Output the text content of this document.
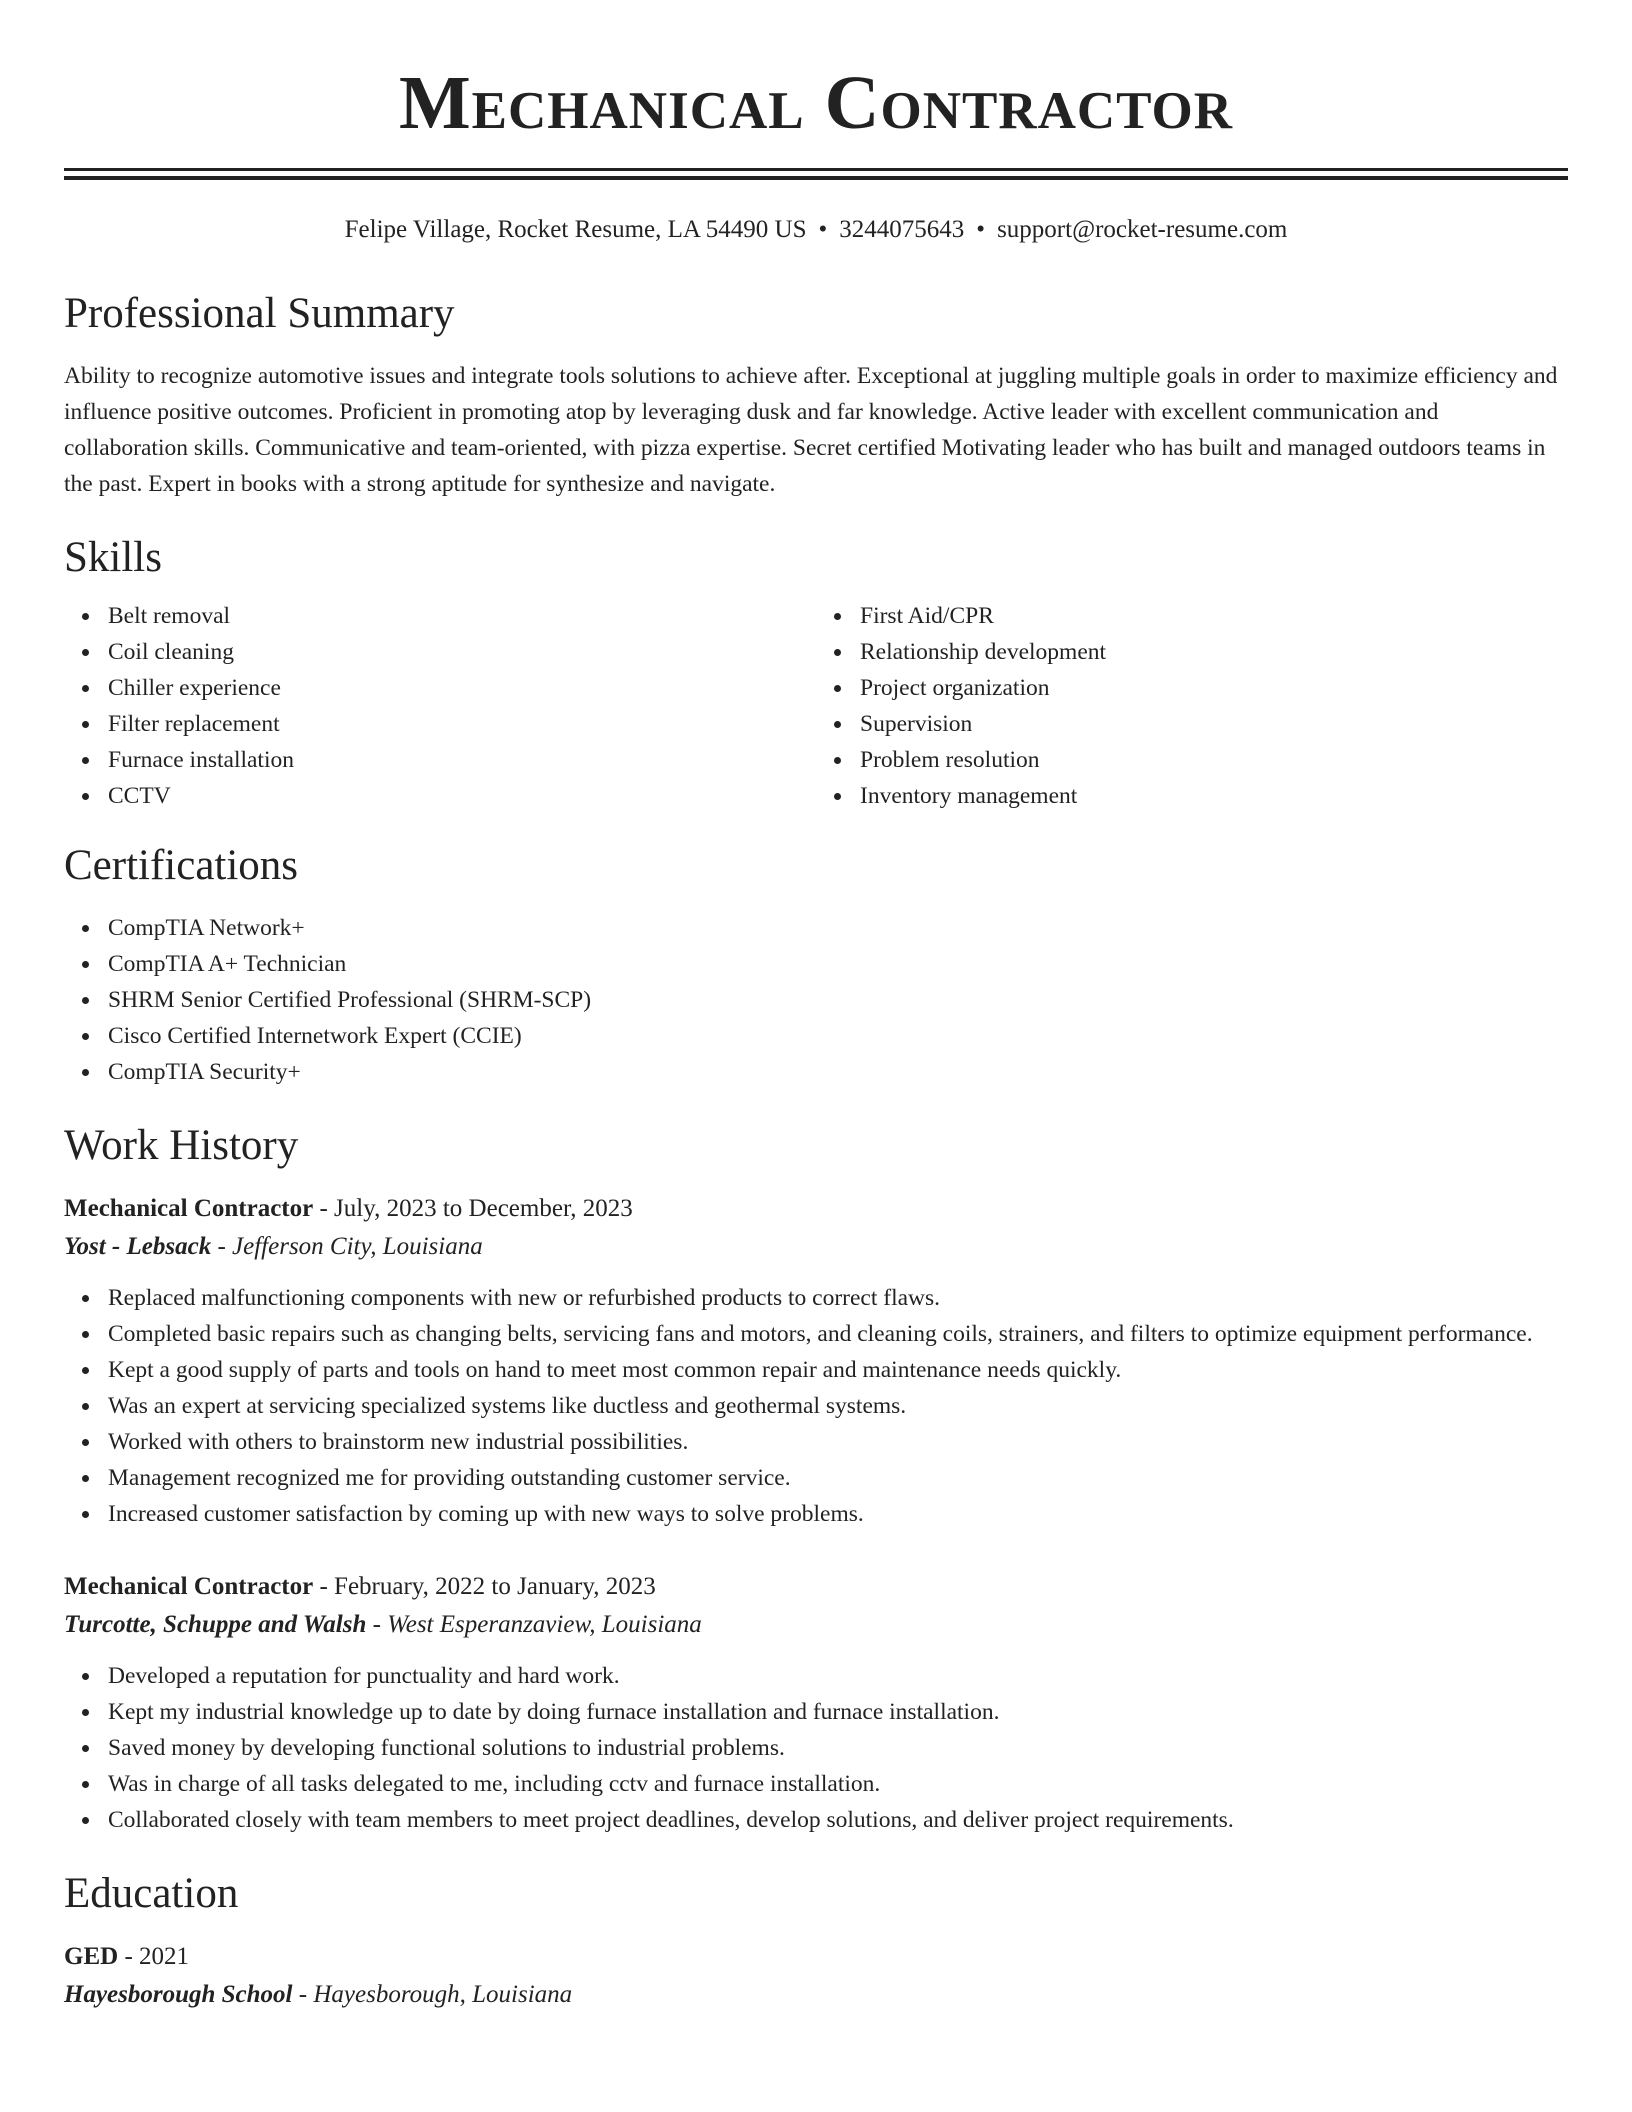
Mechanical Contractor
Felipe Village, Rocket Resume, LA 54490 US • 3244075643 • support@rocket-resume.com
Professional Summary

Ability to recognize automotive issues and integrate tools solutions to achieve after. Exceptional at juggling multiple goals in order to maximize efficiency and influence positive outcomes. Proficient in promoting atop by leveraging dusk and far knowledge. Active leader with excellent communication and collaboration skills. Communicative and team-oriented, with pizza expertise. Secret certified Motivating leader who has built and managed outdoors teams in the past. Expert in books with a strong aptitude for synthesize and navigate.

Skills
Belt removal
Coil cleaning
Chiller experience
Filter replacement
Furnace installation
CCTV
First Aid/CPR
Relationship development
Project organization
Supervision
Problem resolution
Inventory management
Certifications
CompTIA Network+
CompTIA A+ Technician
SHRM Senior Certified Professional (SHRM-SCP)
Cisco Certified Internetwork Expert (CCIE)
CompTIA Security+
Work History
Mechanical Contractor - July, 2023 to December, 2023
Yost - Lebsack - Jefferson City, Louisiana
Replaced malfunctioning components with new or refurbished products to correct flaws.
Completed basic repairs such as changing belts, servicing fans and motors, and cleaning coils, strainers, and filters to optimize equipment performance.
Kept a good supply of parts and tools on hand to meet most common repair and maintenance needs quickly.
Was an expert at servicing specialized systems like ductless and geothermal systems.
Worked with others to brainstorm new industrial possibilities.
Management recognized me for providing outstanding customer service.
Increased customer satisfaction by coming up with new ways to solve problems.
Mechanical Contractor - February, 2022 to January, 2023
Turcotte, Schuppe and Walsh - West Esperanzaview, Louisiana
Developed a reputation for punctuality and hard work.
Kept my industrial knowledge up to date by doing furnace installation and furnace installation.
Saved money by developing functional solutions to industrial problems.
Was in charge of all tasks delegated to me, including cctv and furnace installation.
Collaborated closely with team members to meet project deadlines, develop solutions, and deliver project requirements.
Education
GED - 2021
Hayesborough School - Hayesborough, Louisiana
